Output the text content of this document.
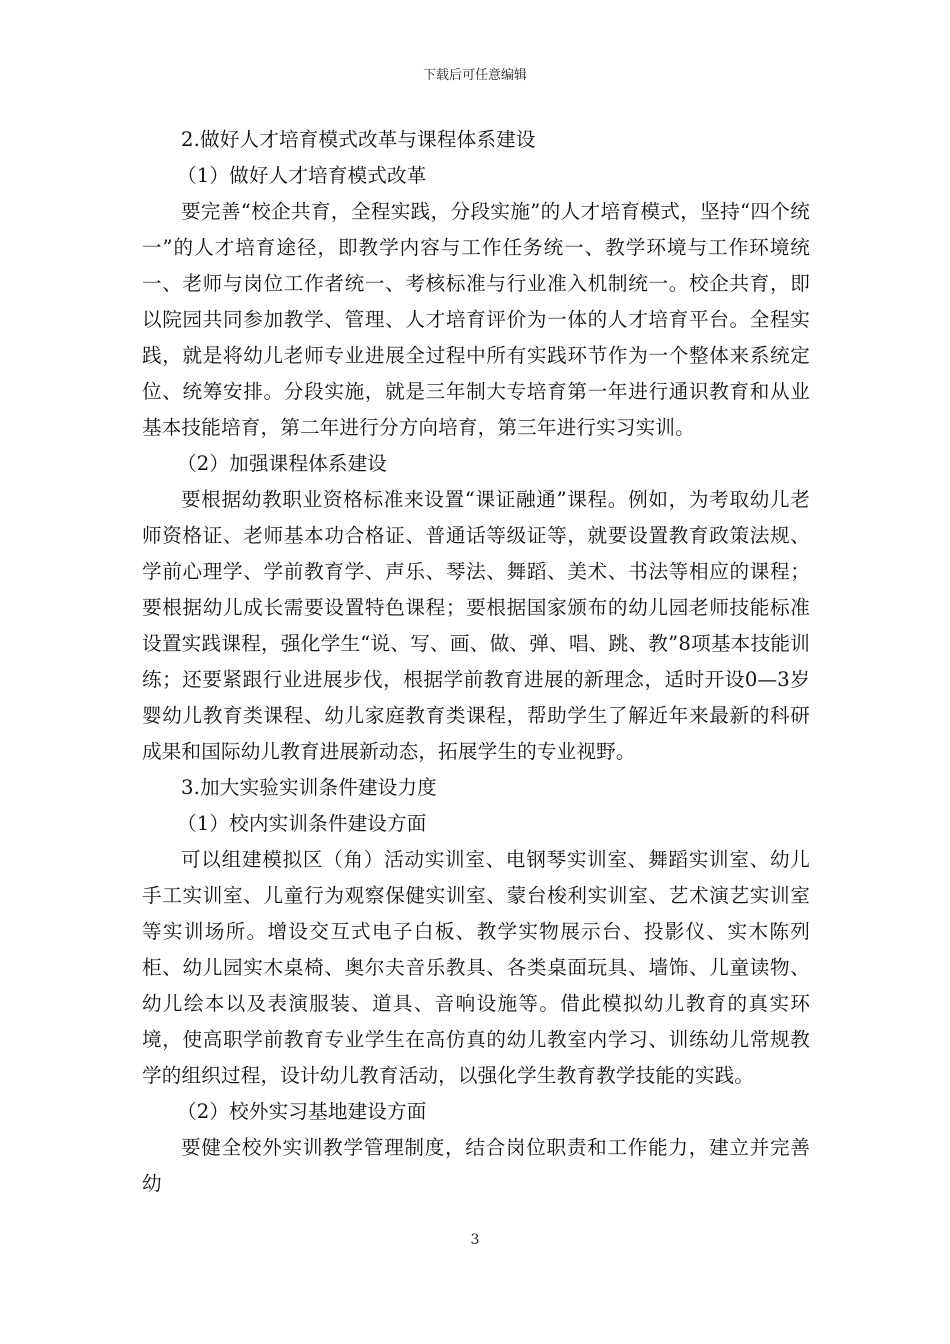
下载后可任意编辑

2.做好人才培育模式改革与课程体系建设

（1）做好人才培育模式改革

要完善“校企共育，全程实践，分段实施”的人才培育模式，坚持“四个统一”的人才培育途径，即教学内容与工作任务统一、教学环境与工作环境统一、老师与岗位工作者统一、考核标准与行业准入机制统一。校企共育，即以院园共同参加教学、管理、人才培育评价为一体的人才培育平台。全程实践，就是将幼儿老师专业进展全过程中所有实践环节作为一个整体来系统定位、统筹安排。分段实施，就是三年制大专培育第一年进行通识教育和从业基本技能培育，第二年进行分方向培育，第三年进行实习实训。

（2）加强课程体系建设

要根据幼教职业资格标准来设置“课证融通”课程。例如，为考取幼儿老师资格证、老师基本功合格证、普通话等级证等，就要设置教育政策法规、学前心理学、学前教育学、声乐、琴法、舞蹈、美术、书法等相应的课程；要根据幼儿成长需要设置特色课程；要根据国家颁布的幼儿园老师技能标准设置实践课程，强化学生“说、写、画、做、弹、唱、跳、教”8项基本技能训练；还要紧跟行业进展步伐，根据学前教育进展的新理念，适时开设0—3岁婴幼儿教育类课程、幼儿家庭教育类课程，帮助学生了解近年来最新的科研成果和国际幼儿教育进展新动态，拓展学生的专业视野。

3.加大实验实训条件建设力度

（1）校内实训条件建设方面

可以组建模拟区（角）活动实训室、电钢琴实训室、舞蹈实训室、幼儿手工实训室、儿童行为观察保健实训室、蒙台梭利实训室、艺术演艺实训室等实训场所。增设交互式电子白板、教学实物展示台、投影仪、实木陈列柜、幼儿园实木桌椅、奥尔夫音乐教具、各类桌面玩具、墙饰、儿童读物、幼儿绘本以及表演服装、道具、音响设施等。借此模拟幼儿教育的真实环境，使高职学前教育专业学生在高仿真的幼儿教室内学习、训练幼儿常规教学的组织过程，设计幼儿教育活动，以强化学生教育教学技能的实践。

（2）校外实习基地建设方面

要健全校外实训教学管理制度，结合岗位职责和工作能力，建立并完善幼

3
